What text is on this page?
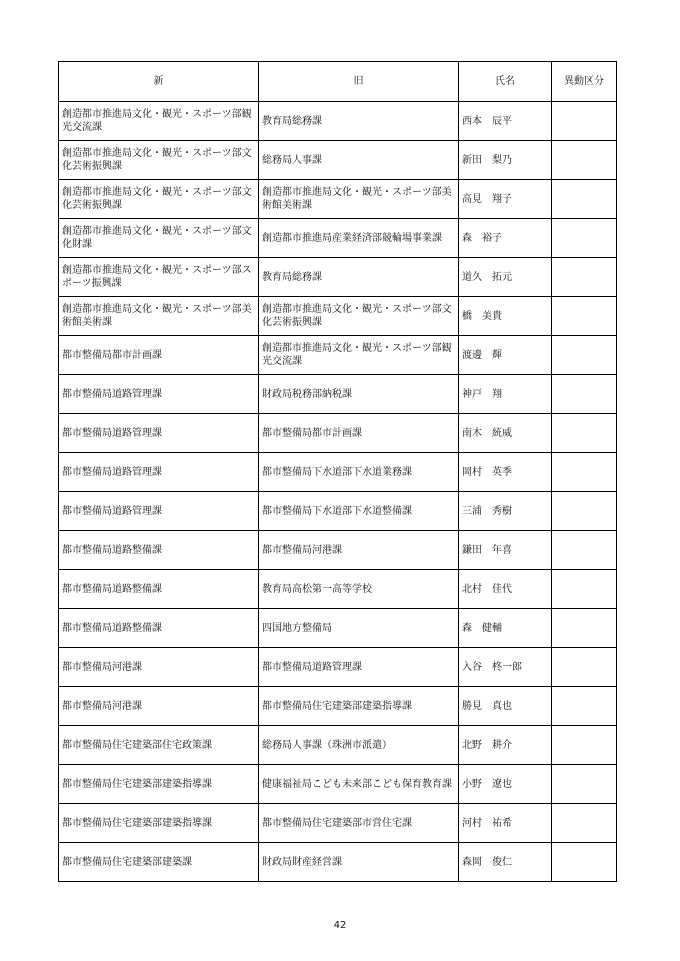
新	旧	氏名	異動区分
創造都市推進局文化・観光・スポーツ部観光交流課	教育局総務課	西本　辰平	
創造都市推進局文化・観光・スポーツ部文化芸術振興課	総務局人事課	新田　梨乃	
創造都市推進局文化・観光・スポーツ部文化芸術振興課	創造都市推進局文化・観光・スポーツ部美術館美術課	高見　翔子	
創造都市推進局文化・観光・スポーツ部文化財課	創造都市推進局産業経済部競輪場事業課	森　裕子	
創造都市推進局文化・観光・スポーツ部スポーツ振興課	教育局総務課	道久　拓元	
創造都市推進局文化・観光・スポーツ部美術館美術課	創造都市推進局文化・観光・スポーツ部文化芸術振興課	橋　美貴	
都市整備局都市計画課	創造都市推進局文化・観光・スポーツ部観光交流課	渡邊　輝	
都市整備局道路管理課	財政局税務部納税課	神戸　翔	
都市整備局道路管理課	都市整備局都市計画課	南木　統威	
都市整備局道路管理課	都市整備局下水道部下水道業務課	岡村　英季	
都市整備局道路管理課	都市整備局下水道部下水道整備課	三浦　秀樹	
都市整備局道路整備課	都市整備局河港課	鎌田　年喜	
都市整備局道路整備課	教育局高松第一高等学校	北村　佳代	
都市整備局道路整備課	四国地方整備局	森　健輔	
都市整備局河港課	都市整備局道路管理課	入谷　柊一郎	
都市整備局河港課	都市整備局住宅建築部建築指導課	勝見　真也	
都市整備局住宅建築部住宅政策課	総務局人事課（珠洲市派遣）	北野　耕介	
都市整備局住宅建築部建築指導課	健康福祉局こども未来部こども保育教育課	小野　遼也	
都市整備局住宅建築部建築指導課	都市整備局住宅建築部市営住宅課	河村　祐希	
都市整備局住宅建築部建築課	財政局財産経営課	森岡　俊仁	
42
